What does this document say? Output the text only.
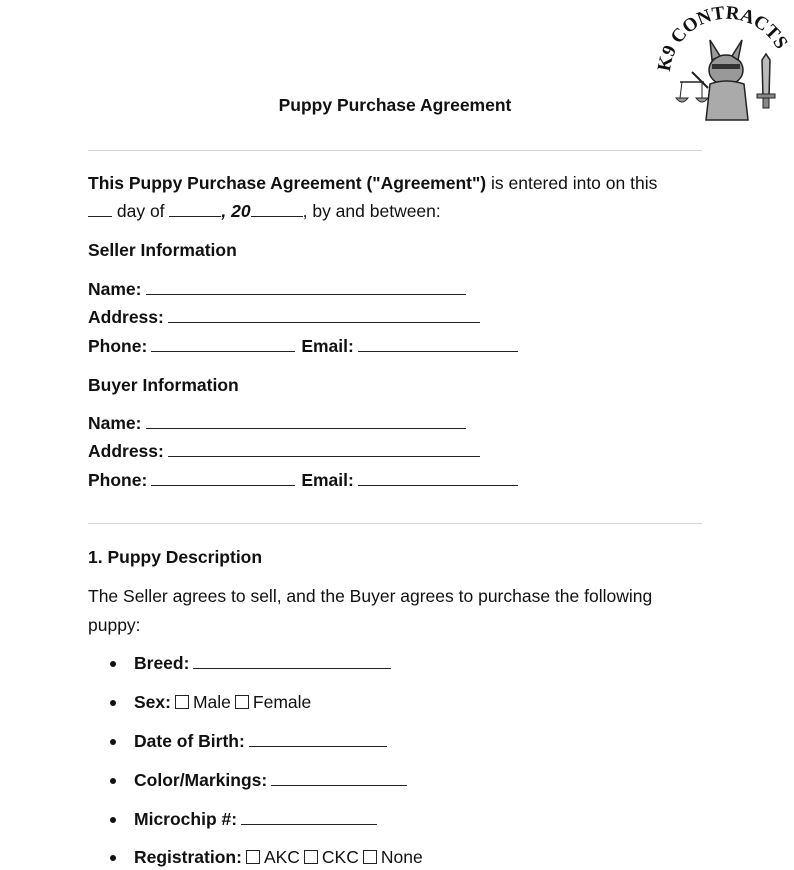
K9 CONTRACTS
Puppy Purchase Agreement
This Puppy Purchase Agreement ("Agreement") is entered into on this
day of	, 20	, by and between:
Seller Information
Name:
Address:
Phone:	Email:
Buyer Information
Name:
Address:
Phone:	Email:
1. Puppy Description
The Seller agrees to sell, and the Buyer agrees to purchase the following
puppy:
Breed:
Sex: Male Female
Date of Birth:
Color/Markings:
Microchip #:
Registration: AKC CKC None
